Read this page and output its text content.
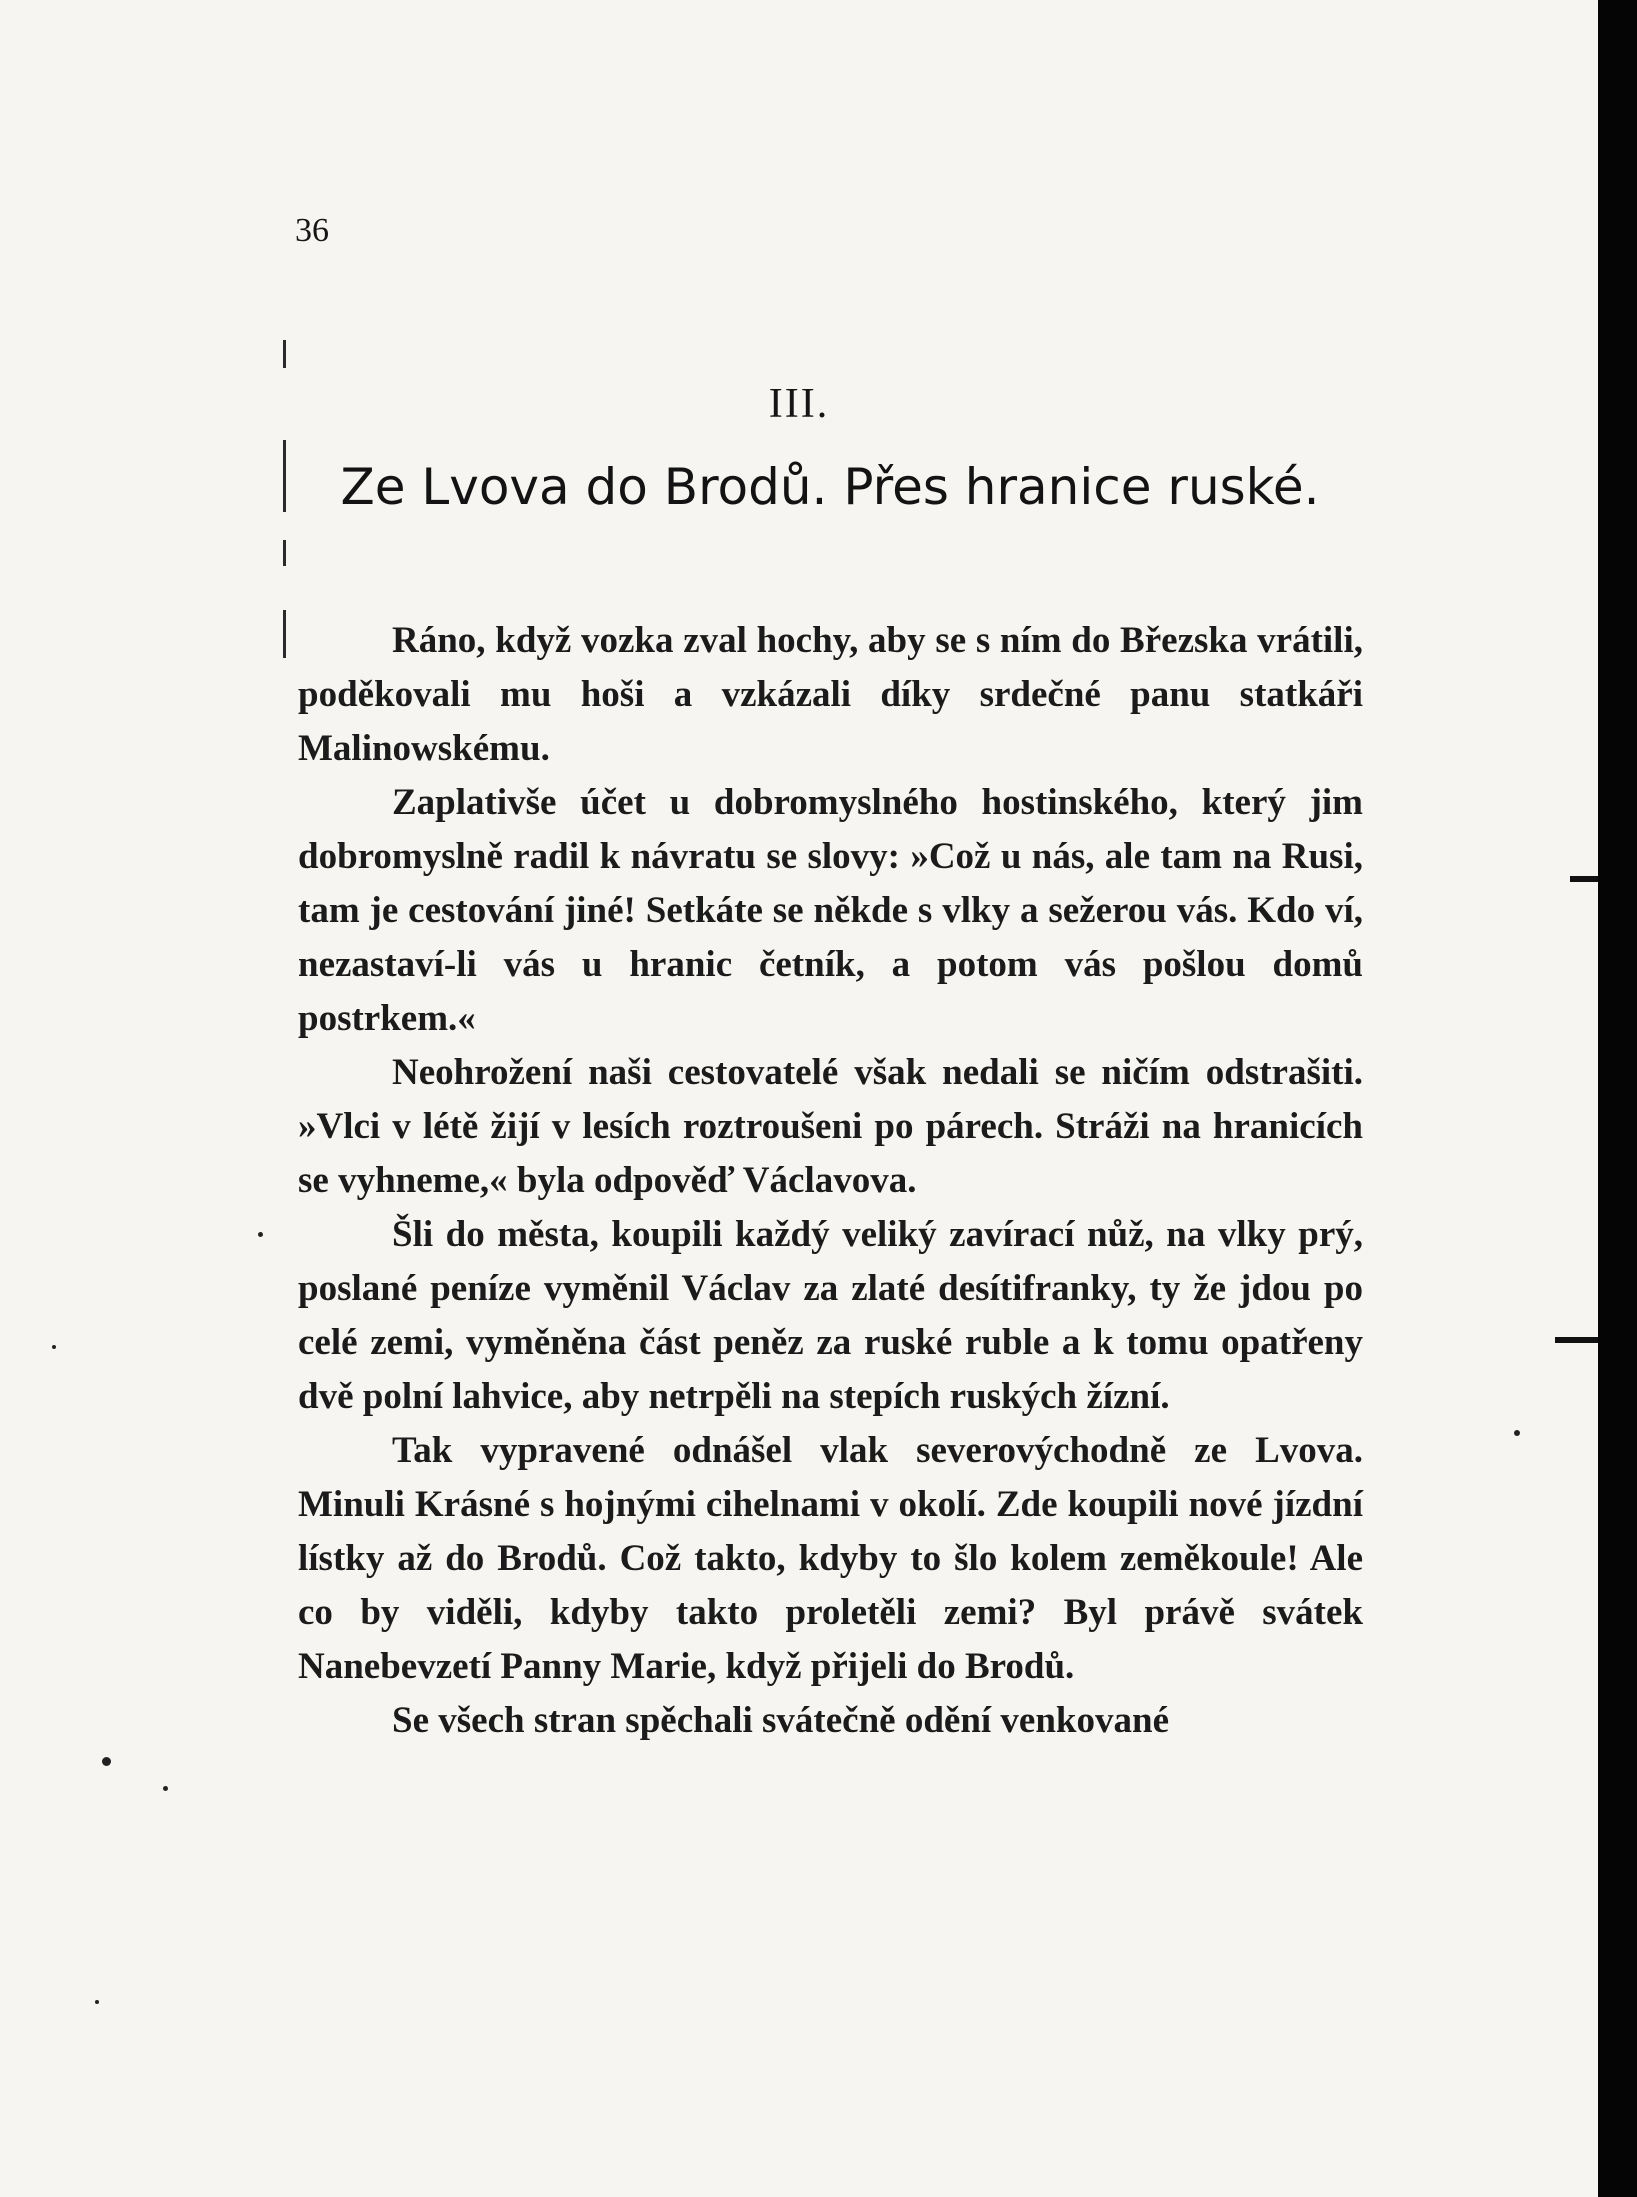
36
III.
Ze Lvova do Brodů. Přes hranice ruské.

Ráno, když vozka zval hochy, aby se s ním do Březska vrátili, poděkovali mu hoši a vzkázali díky srdečné panu statkáři Malinowskému.

Zaplativše účet u dobromyslného hostinského, který jim dobromyslně radil k návratu se slovy: »Což u nás, ale tam na Rusi, tam je cestování jiné! Setkáte se někde s vlky a sežerou vás. Kdo ví, nezastaví-li vás u hranic četník, a potom vás pošlou domů postrkem.«

Neohrožení naši cestovatelé však nedali se ničím odstrašiti. »Vlci v létě žijí v lesích roztroušeni po párech. Stráži na hranicích se vyhneme,« byla odpověď Václavova.

Šli do města, koupili každý veliký zavírací nůž, na vlky prý, poslané peníze vyměnil Václav za zlaté desítifranky, ty že jdou po celé zemi, vyměněna část peněz za ruské ruble a k tomu opatřeny dvě polní lahvice, aby netrpěli na stepích ruských žízní.

Tak vypravené odnášel vlak severovýchodně ze Lvova. Minuli Krásné s hojnými cihelnami v okolí. Zde koupili nové jízdní lístky až do Brodů. Což takto, kdyby to šlo kolem zeměkoule! Ale co by viděli, kdyby takto proletěli zemi? Byl právě svátek Nanebevzetí Panny Marie, když přijeli do Brodů.

Se všech stran spěchali svátečně odění venkované
